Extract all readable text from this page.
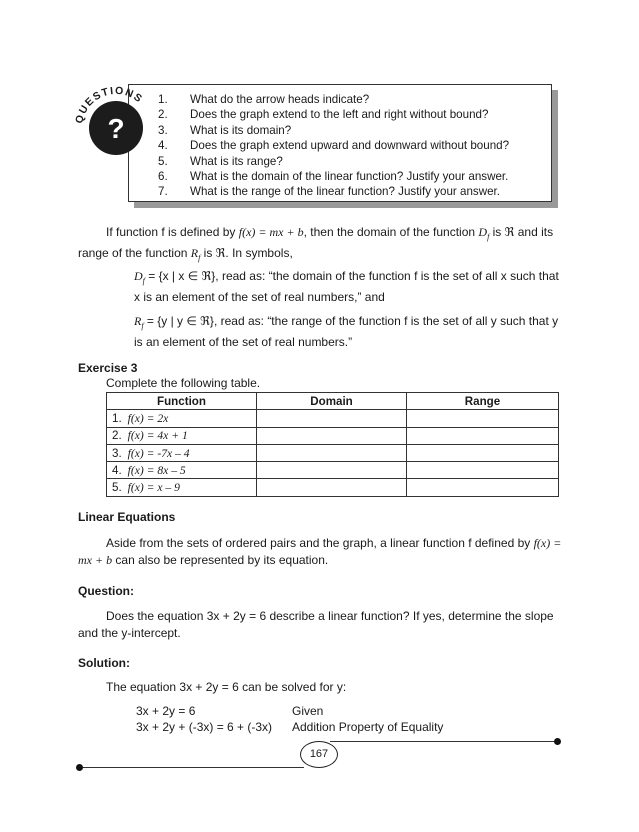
QUESTIONS
?
1.	What do the arrow heads indicate?
2.	Does the graph extend to the left and right without bound?
3.	What is its domain?
4.	Does the graph extend upward and downward without bound?
5.	What is its range?
6.	What is the domain of the linear function? Justify your answer.
7.	What is the range of the linear function? Justify your answer.

If function f is defined by f(x) = mx + b, then the domain of the function $D_f$ is ℜ and its range of the function $R_f$ is ℜ. In symbols,

$D_f = \{x$ | x ∈ ℜ}, read as: “the domain of the function f is the set of all x such that x is an element of the set of real numbers,” and

$R_f = \{y$ | y ∈ ℜ}, read as: “the range of the function f is the set of all y such that y is an element of the set of real numbers.”

Exercise 3
Complete the following table.
Function	Domain	Range
1. f(x) = 2x		
2. f(x) = 4x + 1		
3. f(x) = -7x – 4		
4. f(x) = 8x – 5		
5. f(x) = x – 9		
Linear Equations

Aside from the sets of ordered pairs and the graph, a linear function f defined by f(x) = mx + b can also be represented by its equation.

Question:

Does the equation 3x + 2y = 6 describe a linear function? If yes, determine the slope and the y-intercept.

Solution:

The equation 3x + 2y = 6 can be solved for y:

3x + 2y = 6	Given
3x + 2y + (-3x) = 6 + (-3x) Addition Property of Equality
167
